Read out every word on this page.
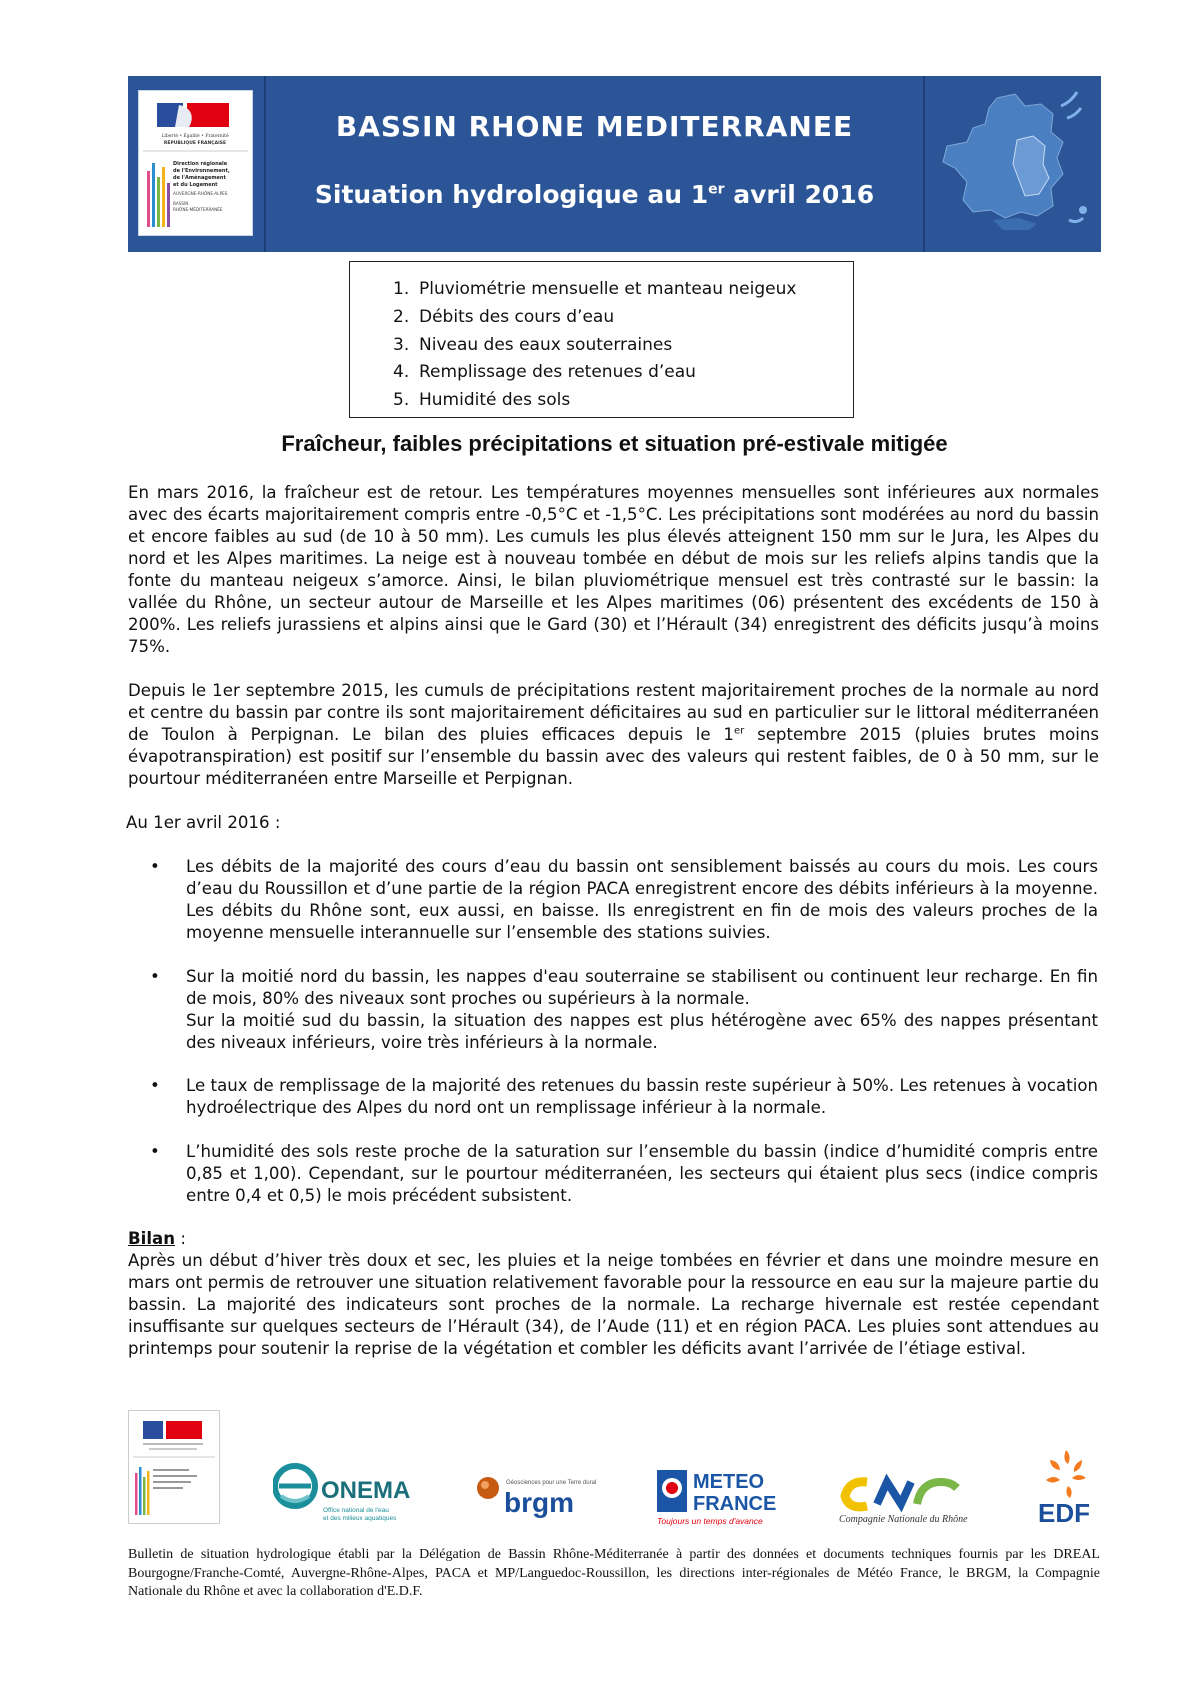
Liberté • Égalité • Fraternité
RÉPUBLIQUE FRANÇAISE
Direction régionale
de l'Environnement,
de l'Aménagement
et du Logement
AUVERGNE-RHÔNE-ALPES
BASSIN
RHÔNE-MÉDITERRANÉE
BASSIN RHONE MEDITERRANEE
Situation hydrologique au 1er avril 2016
1. Pluviométrie mensuelle et manteau neigeux
2. Débits des cours d’eau
3. Niveau des eaux souterraines
4. Remplissage des retenues d’eau
5. Humidité des sols
Fraîcheur, faibles précipitations et situation pré-estivale mitigée
En mars 2016, la fraîcheur est de retour. Les températures moyennes mensuelles sont inférieures aux normales avec des écarts majoritairement compris entre -0,5°C et -1,5°C. Les précipitations sont modérées au nord du bassin et encore faibles au sud (de 10 à 50 mm). Les cumuls les plus élevés atteignent 150 mm sur le Jura, les Alpes du nord et les Alpes maritimes. La neige est à nouveau tombée en début de mois sur les reliefs alpins tandis que la fonte du manteau neigeux s’amorce. Ainsi, le bilan pluviométrique mensuel est très contrasté sur le bassin: la vallée du Rhône, un secteur autour de Marseille et les Alpes maritimes (06) présentent des excédents de 150 à 200%. Les reliefs jurassiens et alpins ainsi que le Gard (30) et l’Hérault (34) enregistrent des déficits jusqu’à moins 75%.
Depuis le 1er septembre 2015, les cumuls de précipitations restent majoritairement proches de la normale au nord et centre du bassin par contre ils sont majoritairement déficitaires au sud en particulier sur le littoral méditerranéen de Toulon à Perpignan. Le bilan des pluies efficaces depuis le 1er septembre 2015 (pluies brutes moins évapotranspiration) est positif sur l’ensemble du bassin avec des valeurs qui restent faibles, de 0 à 50 mm, sur le pourtour méditerranéen entre Marseille et Perpignan.
Au 1er avril 2016 :
• Les débits de la majorité des cours d’eau du bassin ont sensiblement baissés au cours du mois. Les cours d’eau du Roussillon et d’une partie de la région PACA enregistrent encore des débits inférieurs à la moyenne. Les débits du Rhône sont, eux aussi, en baisse. Ils enregistrent en fin de mois des valeurs proches de la moyenne mensuelle interannuelle sur l’ensemble des stations suivies.
• Sur la moitié nord du bassin, les nappes d'eau souterraine se stabilisent ou continuent leur recharge. En fin de mois, 80% des niveaux sont proches ou supérieurs à la normale.
Sur la moitié sud du bassin, la situation des nappes est plus hétérogène avec 65% des nappes présentant des niveaux inférieurs, voire très inférieurs à la normale.
• Le taux de remplissage de la majorité des retenues du bassin reste supérieur à 50%. Les retenues à vocation hydroélectrique des Alpes du nord ont un remplissage inférieur à la normale.
• L’humidité des sols reste proche de la saturation sur l’ensemble du bassin (indice d’humidité compris entre 0,85 et 1,00). Cependant, sur le pourtour méditerranéen, les secteurs qui étaient plus secs (indice compris entre 0,4 et 0,5) le mois précédent subsistent.
Bilan :
Après un début d’hiver très doux et sec, les pluies et la neige tombées en février et dans une moindre mesure en mars ont permis de retrouver une situation relativement favorable pour la ressource en eau sur la majeure partie du bassin. La majorité des indicateurs sont proches de la normale. La recharge hivernale est restée cependant insuffisante sur quelques secteurs de l’Hérault (34), de l’Aude (11) et en région PACA. Les pluies sont attendues au printemps pour soutenir la reprise de la végétation et combler les déficits avant l’arrivée de l’étiage estival.
ONEMA
Office national de l'eau
et des milieux aquatiques
Géosciences pour une Terre durable
brgm
METEO
FRANCE
Toujours un temps d'avance	Compagnie Nationale du Rhône	EDF
Bulletin de situation hydrologique établi par la Délégation de Bassin Rhône-Méditerranée à partir des données et documents techniques fournis par les DREAL Bourgogne/Franche-Comté, Auvergne-Rhône-Alpes, PACA et MP/Languedoc-Roussillon, les directions inter-régionales de Météo France, le BRGM, la Compagnie Nationale du Rhône et avec la collaboration d'E.D.F.
